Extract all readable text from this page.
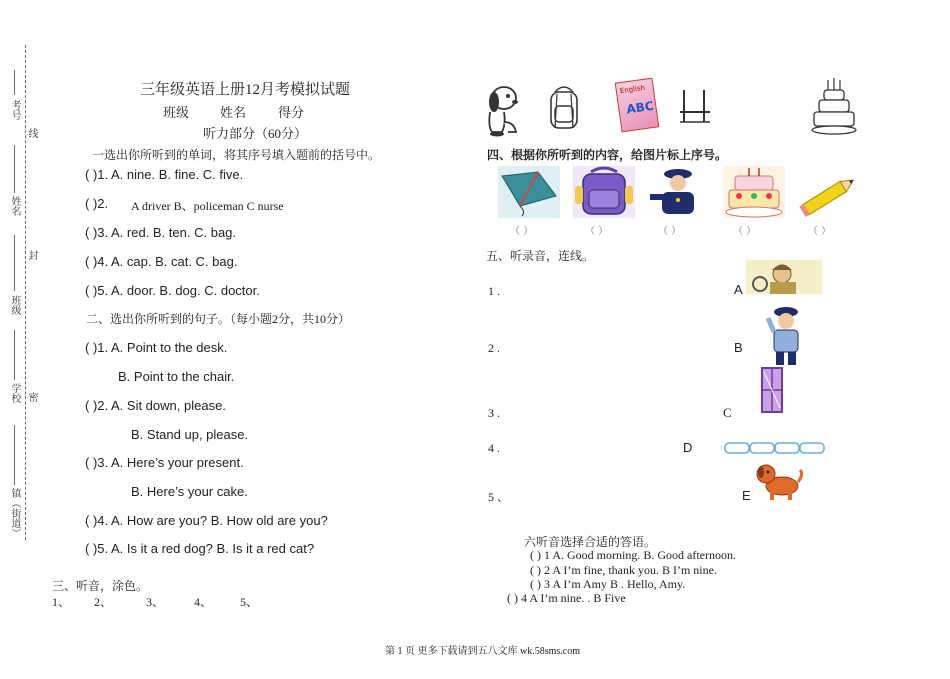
考号
线
姓名
封
班级
学校 密
镇（街道）
三年级英语上册12月考模拟试题
班级 姓名 得分
听力部分（60分）
一选出你所听到的单词，将其序号填入题前的括号中。
( )1. A. nine. B. fine. C. five.
( )2. A driver B、policeman C nurse
( )3. A. red. B. ten. C. bag.
( )4. A. cap. B. cat. C. bag.
( )5. A. door. B. dog. C. doctor.
二、选出你所听到的句子。（每小题2分，共10分）
( )1. A. Point to the desk.
B. Point to the chair.
( )2. A. Sit down, please.
B. Stand up, please.
( )3. A. Here’s your present.
B. Here’s your cake.
( )4. A. How are you? B. How old are you?
( )5. A. Is it a red dog? B. Is it a red cat?
三、听音，涂色。
1、 2、	3、 4、 5、
English
ABC
四、根据你所听到的内容，给图片标上序号。
（ ）	（ ）	（ ）	（ ）	（ ）
五、听录音，连线。
1 .
2 .
3 .
4 .
5 、
A
B
C
D
E
六听音选择合适的答语。
( ) 1 A. Good morning. B. Good afternoon.
( ) 2 A I’m fine, thank you. B I’m nine.
( ) 3 A I’m Amy B . Hello, Amy.
( ) 4 A I’m nine. . B Five
第 1 页 更多下载请到五八文库 wk.58sms.com
